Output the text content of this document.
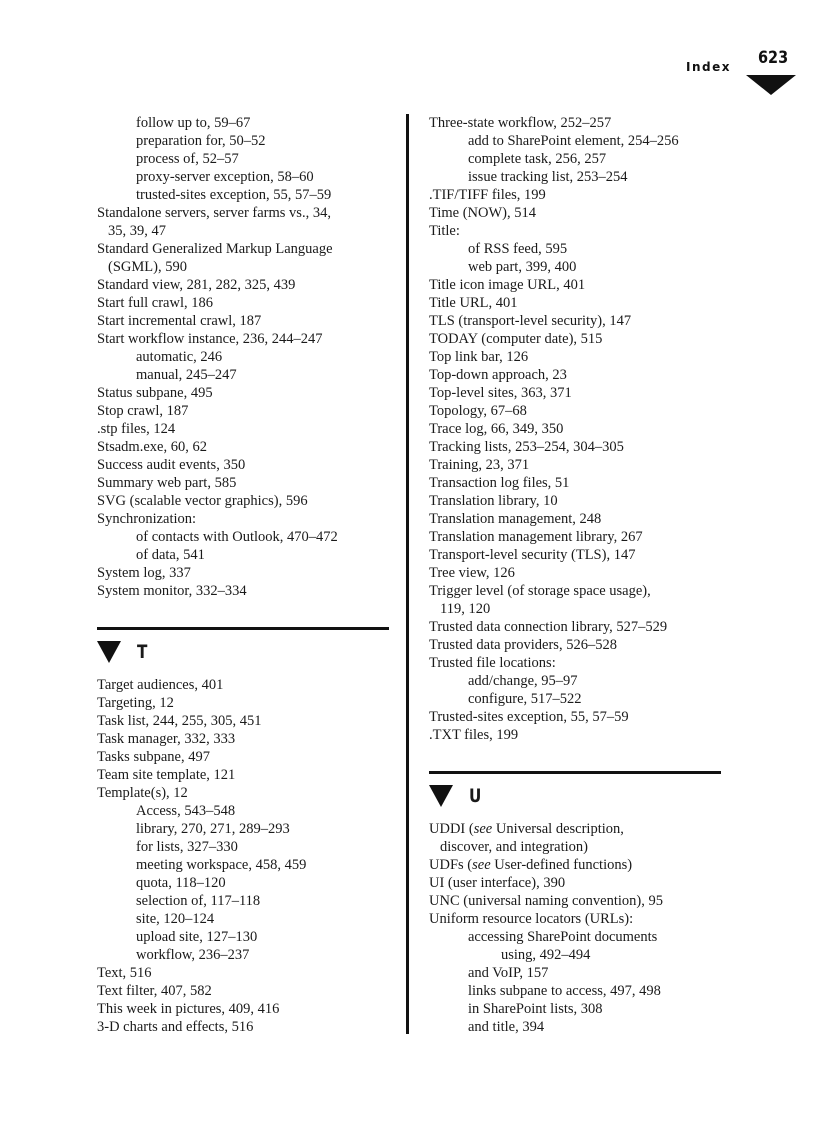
Index 623
follow up to, 59–67
preparation for, 50–52
process of, 52–57
proxy-server exception, 58–60
trusted-sites exception, 55, 57–59
Standalone servers, server farms vs., 34,
35, 39, 47
Standard Generalized Markup Language
(SGML), 590
Standard view, 281, 282, 325, 439
Start full crawl, 186
Start incremental crawl, 187
Start workflow instance, 236, 244–247
automatic, 246
manual, 245–247
Status subpane, 495
Stop crawl, 187
.stp files, 124
Stsadm.exe, 60, 62
Success audit events, 350
Summary web part, 585
SVG (scalable vector graphics), 596
Synchronization:
of contacts with Outlook, 470–472
of data, 541
System log, 337
System monitor, 332–334
T
Target audiences, 401
Targeting, 12
Task list, 244, 255, 305, 451
Task manager, 332, 333
Tasks subpane, 497
Team site template, 121
Template(s), 12
Access, 543–548
library, 270, 271, 289–293
for lists, 327–330
meeting workspace, 458, 459
quota, 118–120
selection of, 117–118
site, 120–124
upload site, 127–130
workflow, 236–237
Text, 516
Text filter, 407, 582
This week in pictures, 409, 416
3-D charts and effects, 516
Three-state workflow, 252–257
add to SharePoint element, 254–256
complete task, 256, 257
issue tracking list, 253–254
.TIF/TIFF files, 199
Time (NOW), 514
Title:
of RSS feed, 595
web part, 399, 400
Title icon image URL, 401
Title URL, 401
TLS (transport-level security), 147
TODAY (computer date), 515
Top link bar, 126
Top-down approach, 23
Top-level sites, 363, 371
Topology, 67–68
Trace log, 66, 349, 350
Tracking lists, 253–254, 304–305
Training, 23, 371
Transaction log files, 51
Translation library, 10
Translation management, 248
Translation management library, 267
Transport-level security (TLS), 147
Tree view, 126
Trigger level (of storage space usage),
119, 120
Trusted data connection library, 527–529
Trusted data providers, 526–528
Trusted file locations:
add/change, 95–97
configure, 517–522
Trusted-sites exception, 55, 57–59
.TXT files, 199
U
UDDI (see Universal description,
discover, and integration)
UDFs (see User-defined functions)
UI (user interface), 390
UNC (universal naming convention), 95
Uniform resource locators (URLs):
accessing SharePoint documents
using, 492–494
and VoIP, 157
links subpane to access, 497, 498
in SharePoint lists, 308
and title, 394
